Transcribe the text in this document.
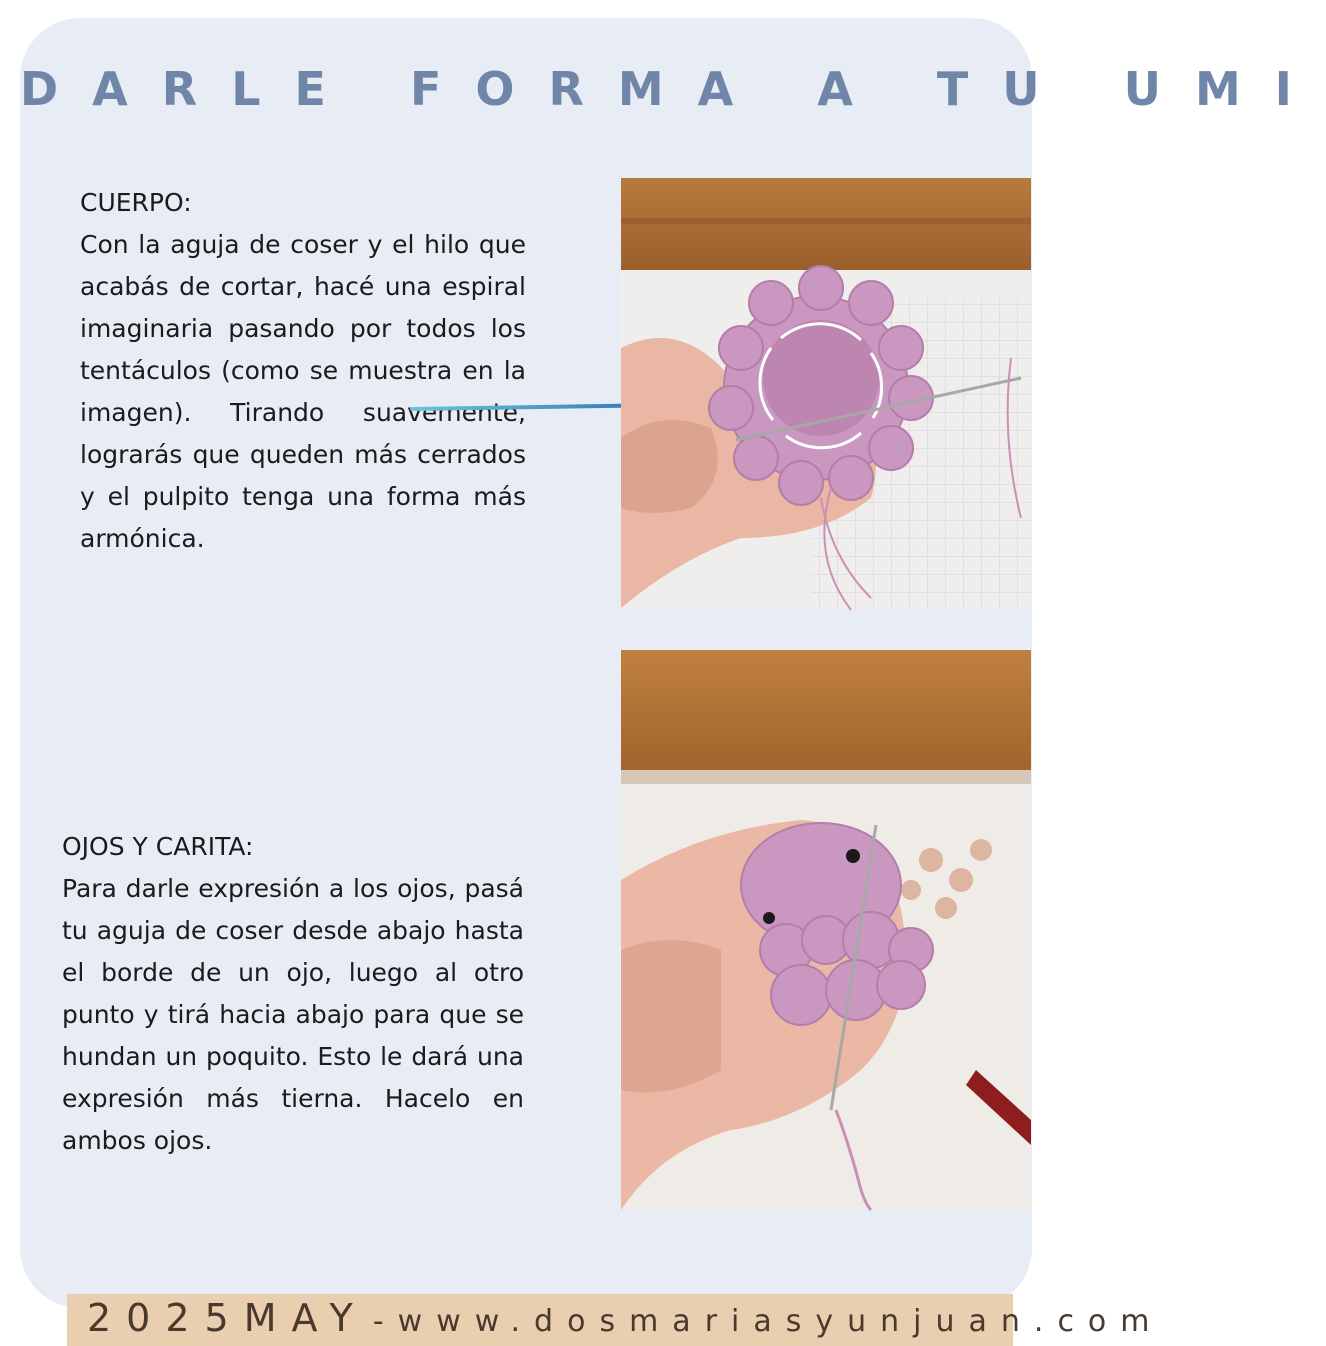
DARLE FORMA A TU UMI
CUERPO:
Con la aguja de coser y el hilo que acabás de cortar, hacé una espiral imaginaria pasando por todos los tentáculos (como se muestra en la imagen). Tirando suavemente, lograrás que queden más cerrados y el pulpito tenga una forma más armónica.
OJOS Y CARITA:
Para darle expresión a los ojos, pasá tu aguja de coser desde abajo hasta el borde de un ojo, luego al otro punto y tirá hacia abajo para que se hundan un poquito. Esto le dará una expresión más tierna. Hacelo en ambos ojos.
2025MAY -www.dosmariasyunjuan.com
